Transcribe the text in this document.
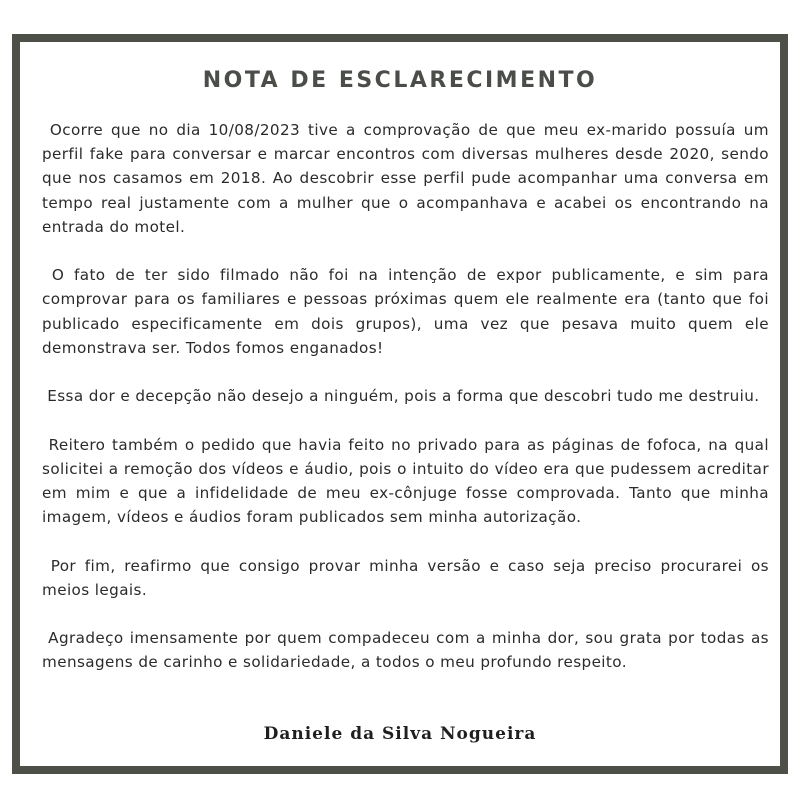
NOTA DE ESCLARECIMENTO

Ocorre que no dia 10/08/2023 tive a comprovação de que meu ex-marido possuía um perfil fake para conversar e marcar encontros com diversas mulheres desde 2020, sendo que nos casamos em 2018. Ao descobrir esse perfil pude acompanhar uma conversa em tempo real justamente com a mulher que o acompanhava e acabei os encontrando na entrada do motel.

O fato de ter sido filmado não foi na intenção de expor publicamente, e sim para comprovar para os familiares e pessoas próximas quem ele realmente era (tanto que foi publicado especificamente em dois grupos), uma vez que pesava muito quem ele demonstrava ser. Todos fomos enganados!

Essa dor e decepção não desejo a ninguém, pois a forma que descobri tudo me destruiu.

Reitero também o pedido que havia feito no privado para as páginas de fofoca, na qual solicitei a remoção dos vídeos e áudio, pois o intuito do vídeo era que pudessem acreditar em mim e que a infidelidade de meu ex-cônjuge fosse comprovada. Tanto que minha imagem, vídeos e áudios foram publicados sem minha autorização.

Por fim, reafirmo que consigo provar minha versão e caso seja preciso procurarei os meios legais.

Agradeço imensamente por quem compadeceu com a minha dor, sou grata por todas as mensagens de carinho e solidariedade, a todos o meu profundo respeito.

Daniele da Silva Nogueira
